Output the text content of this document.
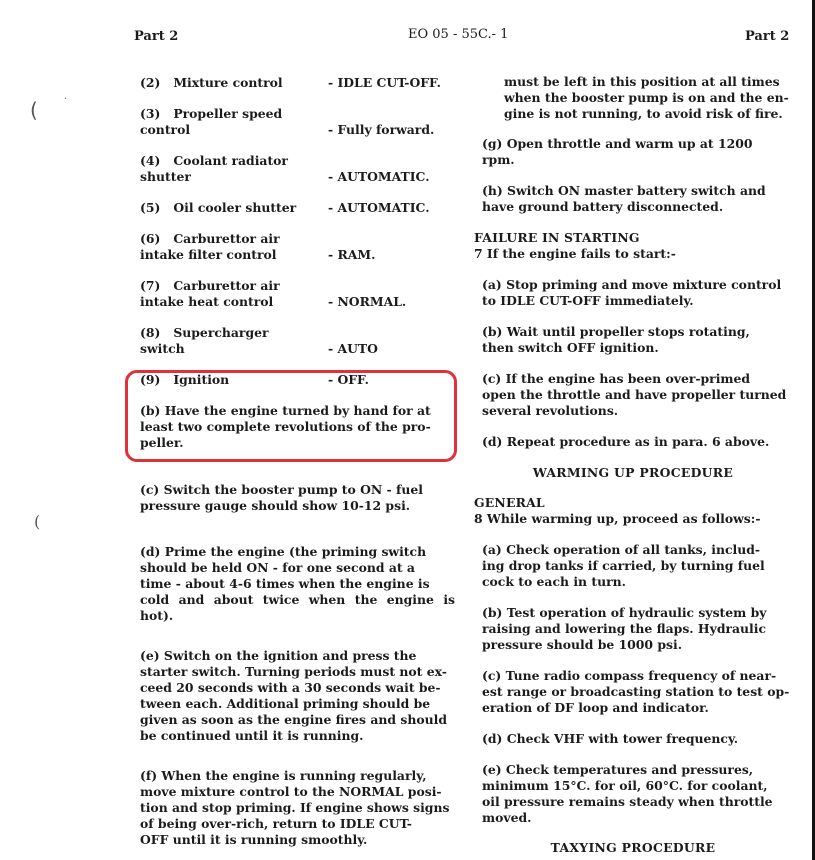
(	·
(
Part 2	EO 05 - 55C.- 1	Part 2
(2) Mixture control	- IDLE CUT-OFF.
(3) Propeller speed
control	- Fully forward.
(4) Coolant radiator
shutter	- AUTOMATIC.
(5) Oil cooler shutter	- AUTOMATIC.
(6) Carburettor air
intake filter control	- RAM.
(7) Carburettor air
intake heat control	- NORMAL.
(8) Supercharger
switch	- AUTO
(9) Ignition	- OFF.
(b) Have the engine turned by hand for at
least two complete revolutions of the pro-
peller.
(c) Switch the booster pump to ON - fuel
pressure gauge should show 10-12 psi.
(d) Prime the engine (the priming switch
should be held ON - for one second at a
time - about 4-6 times when the engine is
cold and about twice when the engine is hot).
(e) Switch on the ignition and press the
starter switch. Turning periods must not ex-
ceed 20 seconds with a 30 seconds wait be-
tween each. Additional priming should be
given as soon as the engine fires and should
be continued until it is running.
(f) When the engine is running regularly,
move mixture control to the NORMAL posi-
tion and stop priming. If engine shows signs
of being over-rich, return to IDLE CUT-
OFF until it is running smoothly.
must be left in this position at all times
when the booster pump is on and the en-
gine is not running, to avoid risk of fire.
(g) Open throttle and warm up at 1200
rpm.
(h) Switch ON master battery switch and
have ground battery disconnected.
FAILURE IN STARTING
7 If the engine fails to start:-
(a) Stop priming and move mixture control
to IDLE CUT-OFF immediately.
(b) Wait until propeller stops rotating,
then switch OFF ignition.
(c) If the engine has been over-primed
open the throttle and have propeller turned
several revolutions.
(d) Repeat procedure as in para. 6 above.
WARMING UP PROCEDURE
GENERAL
8 While warming up, proceed as follows:-
(a) Check operation of all tanks, includ-
ing drop tanks if carried, by turning fuel
cock to each in turn.
(b) Test operation of hydraulic system by
raising and lowering the flaps. Hydraulic
pressure should be 1000 psi.
(c) Tune radio compass frequency of near-
est range or broadcasting station to test op-
eration of DF loop and indicator.
(d) Check VHF with tower frequency.
(e) Check temperatures and pressures,
minimum 15°C. for oil, 60°C. for coolant,
oil pressure remains steady when throttle
moved.
TAXYING PROCEDURE
